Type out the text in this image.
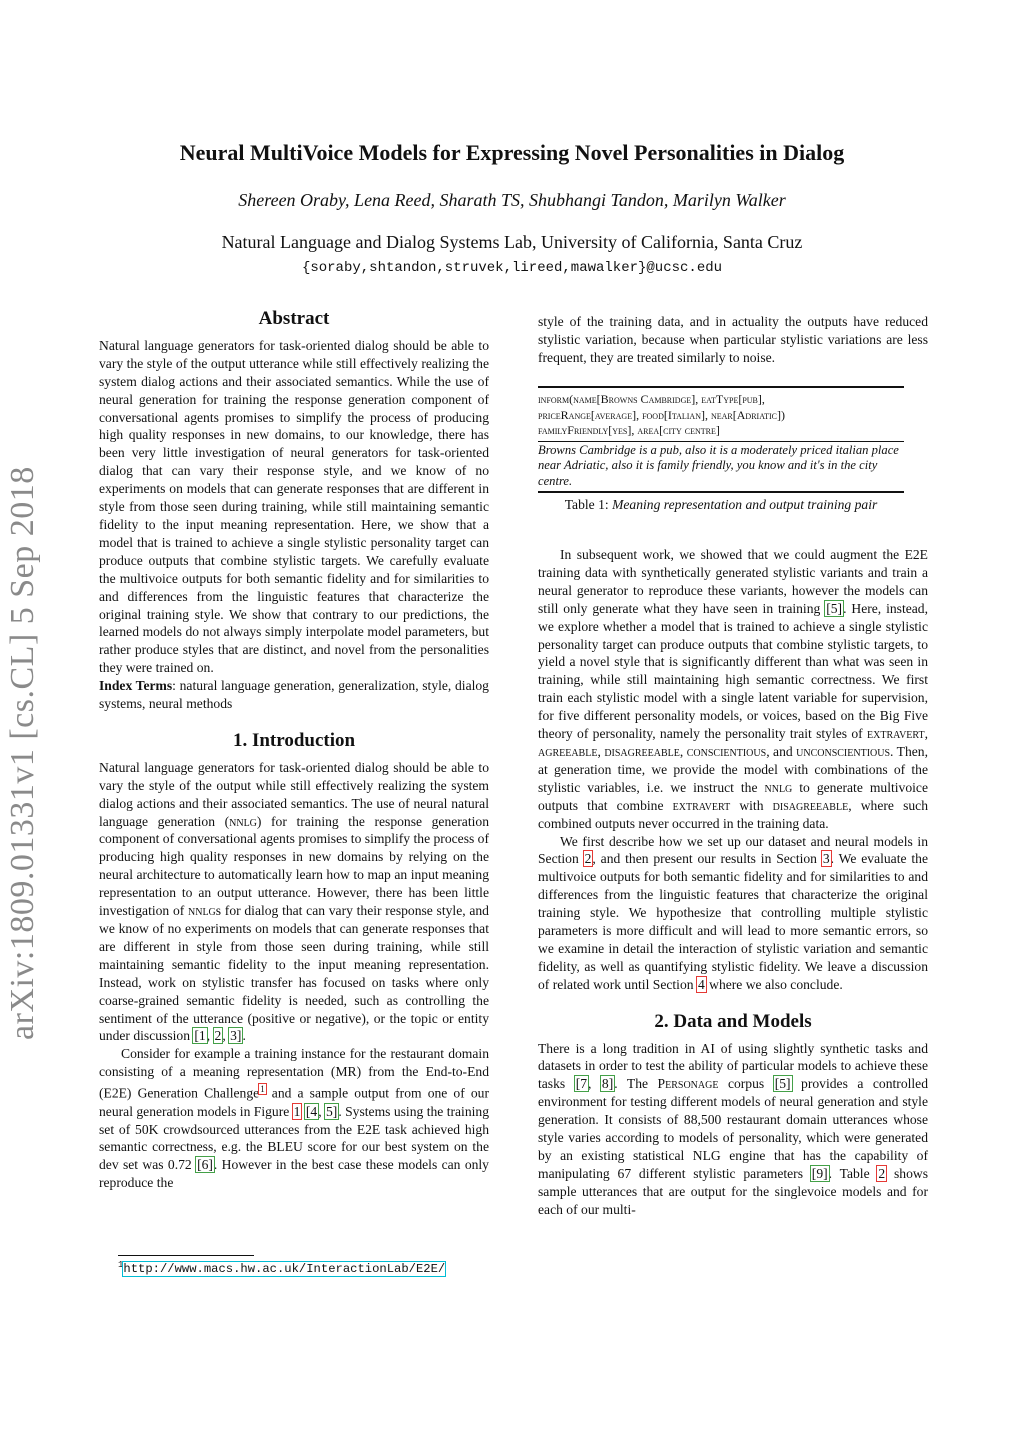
Neural MultiVoice Models for Expressing Novel Personalities in Dialog
Shereen Oraby, Lena Reed, Sharath TS, Shubhangi Tandon, Marilyn Walker
Natural Language and Dialog Systems Lab, University of California, Santa Cruz
{soraby,shtandon,struvek,lireed,mawalker}@ucsc.edu
arXiv:1809.01331v1 [cs.CL] 5 Sep 2018
Abstract

Natural language generators for task-oriented dialog should be able to vary the style of the output utterance while still effectively realizing the system dialog actions and their associated semantics. While the use of neural generation for training the response generation component of conversational agents promises to simplify the process of producing high quality responses in new domains, to our knowledge, there has been very little investigation of neural generators for task-oriented dialog that can vary their response style, and we know of no experiments on models that can generate responses that are different in style from those seen during training, while still maintaining semantic fidelity to the input meaning representation. Here, we show that a model that is trained to achieve a single stylistic personality target can produce outputs that combine stylistic targets. We carefully evaluate the multivoice outputs for both semantic fidelity and for similarities to and differences from the linguistic features that characterize the original training style. We show that contrary to our predictions, the learned models do not always simply interpolate model parameters, but rather produce styles that are distinct, and novel from the personalities they were trained on.

Index Terms: natural language generation, generalization, style, dialog systems, neural methods

1. Introduction

Natural language generators for task-oriented dialog should be able to vary the style of the output while still effectively realizing the system dialog actions and their associated semantics. The use of neural natural language generation (nnlg) for training the response generation component of conversational agents promises to simplify the process of producing high quality responses in new domains by relying on the neural architecture to automatically learn how to map an input meaning representation to an output utterance. However, there has been little investigation of nnlgs for dialog that can vary their response style, and we know of no experiments on models that can generate responses that are different in style from those seen during training, while still maintaining semantic fidelity to the input meaning representation. Instead, work on stylistic transfer has focused on tasks where only coarse-grained semantic fidelity is needed, such as controlling the sentiment of the utterance (positive or negative), or the topic or entity under discussion [1, 2, 3].

Consider for example a training instance for the restaurant domain consisting of a meaning representation (MR) from the End-to-End (E2E) Generation Challenge$^1$ and a sample output from one of our neural generation models in Figure 1 [4, 5]. Systems using the training set of 50K crowdsourced utterances from the E2E task achieved high semantic correctness, e.g. the BLEU score for our best system on the dev set was 0.72 [6]. However in the best case these models can only reproduce the

$^1$http://www.macs.hw.ac.uk/InteractionLab/E2E/

style of the training data, and in actuality the outputs have reduced stylistic variation, because when particular stylistic variations are less frequent, they are treated similarly to noise.

inform(name[Browns Cambridge], eatType[pub],
priceRange[average], food[Italian], near[Adriatic])
familyFriendly[yes], area[city centre]
Browns Cambridge is a pub, also it is a moderately priced italian place near Adriatic, also it is family friendly, you know and it's in the city centre.
Table 1: Meaning representation and output training pair

In subsequent work, we showed that we could augment the E2E training data with synthetically generated stylistic variants and train a neural generator to reproduce these variants, however the models can still only generate what they have seen in training [5]. Here, instead, we explore whether a model that is trained to achieve a single stylistic personality target can produce outputs that combine stylistic targets, to yield a novel style that is significantly different than what was seen in training, while still maintaining high semantic correctness. We first train each stylistic model with a single latent variable for supervision, for five different personality models, or voices, based on the Big Five theory of personality, namely the personality trait styles of extravert, agreeable, disagreeable, conscientious, and unconscientious. Then, at generation time, we provide the model with combinations of the stylistic variables, i.e. we instruct the nnlg to generate multivoice outputs that combine extravert with disagreeable, where such combined outputs never occurred in the training data.

We first describe how we set up our dataset and neural models in Section 2, and then present our results in Section 3. We evaluate the multivoice outputs for both semantic fidelity and for similarities to and differences from the linguistic features that characterize the original training style. We hypothesize that controlling multiple stylistic parameters is more difficult and will lead to more semantic errors, so we examine in detail the interaction of stylistic variation and semantic fidelity, as well as quantifying stylistic fidelity. We leave a discussion of related work until Section 4 where we also conclude.

2. Data and Models

There is a long tradition in AI of using slightly synthetic tasks and datasets in order to test the ability of particular models to achieve these tasks [7, 8]. The Personage corpus [5] provides a controlled environment for testing different models of neural generation and style generation. It consists of 88,500 restaurant domain utterances whose style varies according to models of personality, which were generated by an existing statistical NLG engine that has the capability of manipulating 67 different stylistic parameters [9]. Table 2 shows sample utterances that are output for the singlevoice models and for each of our multi-
